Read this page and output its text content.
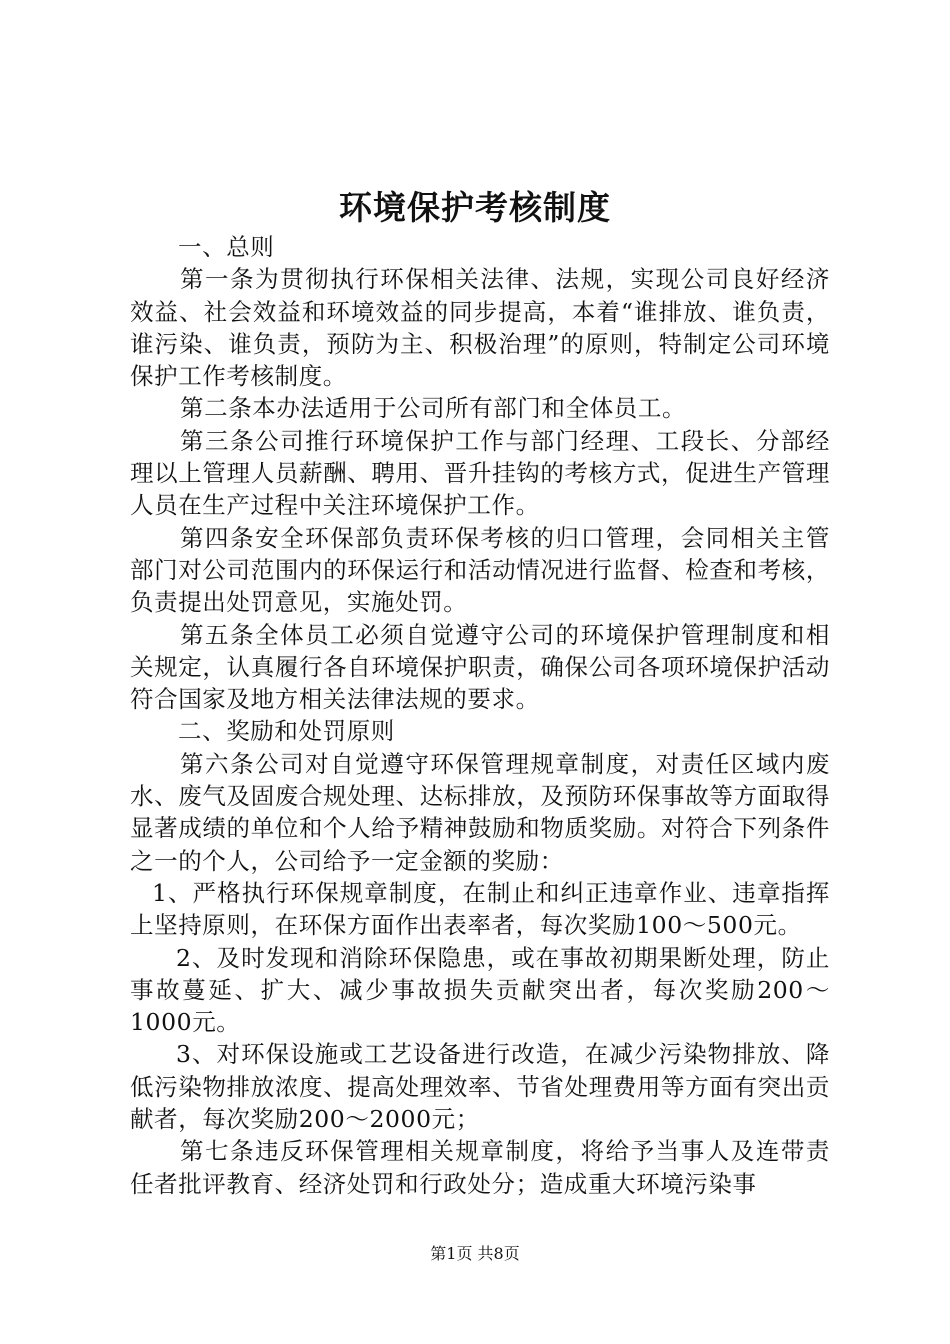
环境保护考核制度

一、总则

第一条为贯彻执行环保相关法律、法规，实现公司良好经济效益、社会效益和环境效益的同步提高，本着“谁排放、谁负责，谁污染、谁负责，预防为主、积极治理”的原则，特制定公司环境保护工作考核制度。

第二条本办法适用于公司所有部门和全体员工。

第三条公司推行环境保护工作与部门经理、工段长、分部经理以上管理人员薪酬、聘用、晋升挂钩的考核方式，促进生产管理人员在生产过程中关注环境保护工作。

第四条安全环保部负责环保考核的归口管理，会同相关主管部门对公司范围内的环保运行和活动情况进行监督、检查和考核，负责提出处罚意见，实施处罚。

第五条全体员工必须自觉遵守公司的环境保护管理制度和相关规定，认真履行各自环境保护职责，确保公司各项环境保护活动符合国家及地方相关法律法规的要求。

二、奖励和处罚原则

第六条公司对自觉遵守环保管理规章制度，对责任区域内废水、废气及固废合规处理、达标排放，及预防环保事故等方面取得显著成绩的单位和个人给予精神鼓励和物质奖励。对符合下列条件之一的个人，公司给予一定金额的奖励：

1、严格执行环保规章制度，在制止和纠正违章作业、违章指挥上坚持原则，在环保方面作出表率者，每次奖励100～500元。

2、及时发现和消除环保隐患，或在事故初期果断处理，防止事故蔓延、扩大、减少事故损失贡献突出者，每次奖励200～1000元。

3、对环保设施或工艺设备进行改造，在减少污染物排放、降低污染物排放浓度、提高处理效率、节省处理费用等方面有突出贡献者，每次奖励200～2000元；

第七条违反环保管理相关规章制度，将给予当事人及连带责任者批评教育、经济处罚和行政处分；造成重大环境污染事

第1页 共8页
